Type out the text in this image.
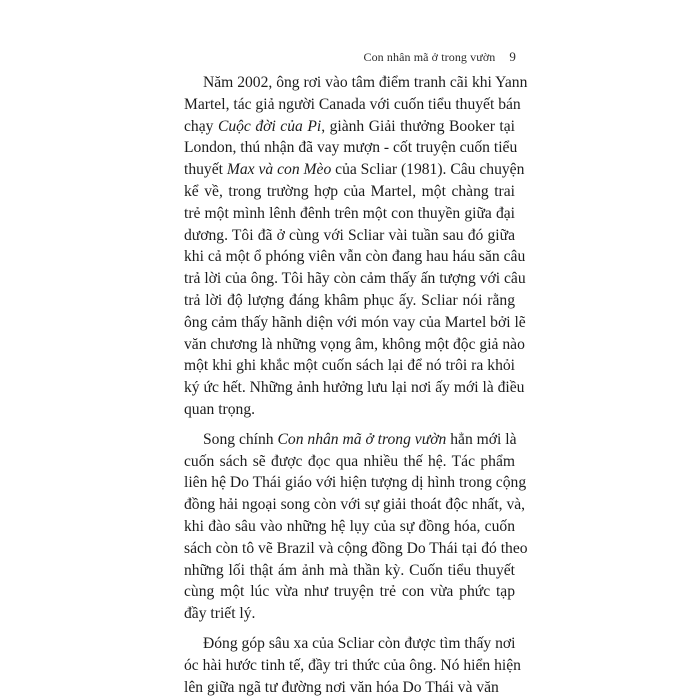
Con nhân mã ở trong vườn 9
Năm 2002, ông rơi vào tâm điểm tranh cãi khi Yann
Martel, tác giả người Canada với cuốn tiểu thuyết bán
chạy Cuộc đời của Pi, giành Giải thưởng Booker tại
London, thú nhận đã vay mượn - cốt truyện cuốn tiểu
thuyết Max và con Mèo của Scliar (1981). Câu chuyện
kể về, trong trường hợp của Martel, một chàng trai
trẻ một mình lênh đênh trên một con thuyền giữa đại
dương. Tôi đã ở cùng với Scliar vài tuần sau đó giữa
khi cả một ổ phóng viên vẫn còn đang hau háu săn câu
trả lời của ông. Tôi hãy còn cảm thấy ấn tượng với câu
trả lời độ lượng đáng khâm phục ấy. Scliar nói rằng
ông cảm thấy hãnh diện với món vay của Martel bởi lẽ
văn chương là những vọng âm, không một độc giả nào
một khi ghi khắc một cuốn sách lại để nó trôi ra khỏi
ký ức hết. Những ảnh hưởng lưu lại nơi ấy mới là điều
quan trọng.
Song chính Con nhân mã ở trong vườn hẳn mới là
cuốn sách sẽ được đọc qua nhiều thế hệ. Tác phẩm
liên hệ Do Thái giáo với hiện tượng dị hình trong cộng
đồng hải ngoại song còn với sự giải thoát độc nhất, và,
khi đào sâu vào những hệ lụy của sự đồng hóa, cuốn
sách còn tô vẽ Brazil và cộng đồng Do Thái tại đó theo
những lối thật ám ảnh mà thần kỳ. Cuốn tiểu thuyết
cùng một lúc vừa như truyện trẻ con vừa phức tạp
đầy triết lý.
Đóng góp sâu xa của Scliar còn được tìm thấy nơi
óc hài hước tinh tế, đầy tri thức của ông. Nó hiển hiện
lên giữa ngã tư đường nơi văn hóa Do Thái và văn
